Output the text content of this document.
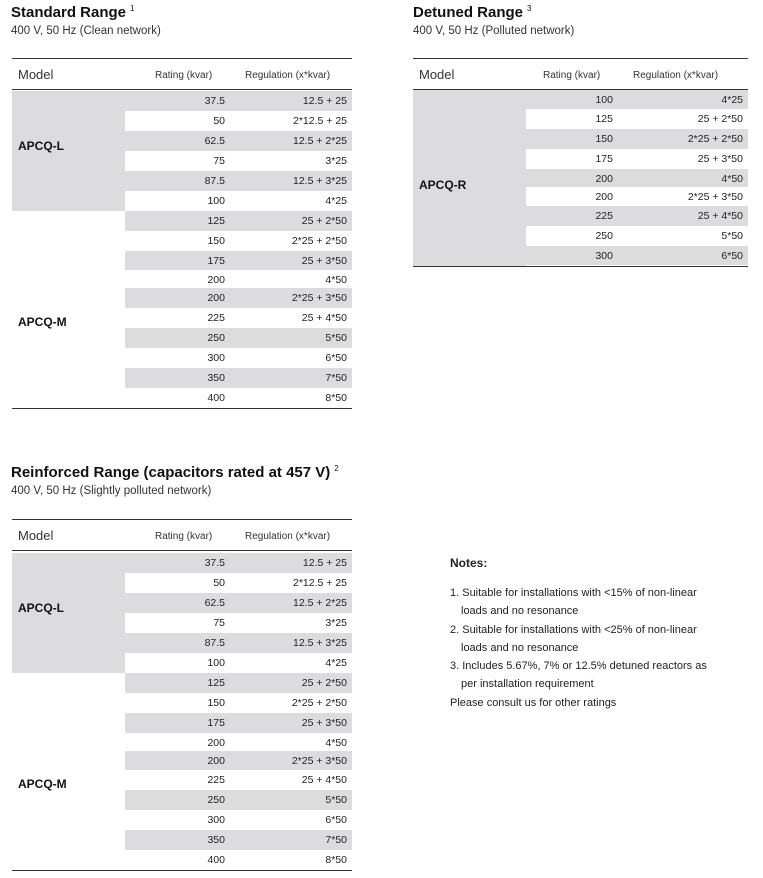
Standard Range $^1$
400 V, 50 Hz (Clean network)
Model	Rating (kvar)	Regulation (x*kvar)
APCQ-L
37.5	12.5 + 25
50	2*12.5 + 25
62.5	12.5 + 2*25
75	3*25
87.5	12.5 + 3*25
100	4*25
APCQ-M
125	25 + 2*50
150	2*25 + 2*50
175	25 + 3*50
200	4*50
200	2*25 + 3*50
225	25 + 4*50
250	5*50
300	6*50
350	7*50
400	8*50
Detuned Range $^3$
400 V, 50 Hz (Polluted network)
Model	Rating (kvar)	Regulation (x*kvar)
APCQ-R
100	4*25
125	25 + 2*50
150	2*25 + 2*50
175	25 + 3*50
200	4*50
200	2*25 + 3*50
225	25 + 4*50
250	5*50
300	6*50
Reinforced Range (capacitors rated at 457 V) $^2$
400 V, 50 Hz (Slightly polluted network)
Model	Rating (kvar)	Regulation (x*kvar)
APCQ-L
37.5	12.5 + 25
50	2*12.5 + 25
62.5	12.5 + 2*25
75	3*25
87.5	12.5 + 3*25
100	4*25
APCQ-M
125	25 + 2*50
150	2*25 + 2*50
175	25 + 3*50
200	4*50
200	2*25 + 3*50
225	25 + 4*50
250	5*50
300	6*50
350	7*50
400	8*50
Notes:
1. Suitable for installations with <15% of non-linear
loads and no resonance
2. Suitable for installations with <25% of non-linear
loads and no resonance
3. Includes 5.67%, 7% or 12.5% detuned reactors as
per installation requirement
Please consult us for other ratings
